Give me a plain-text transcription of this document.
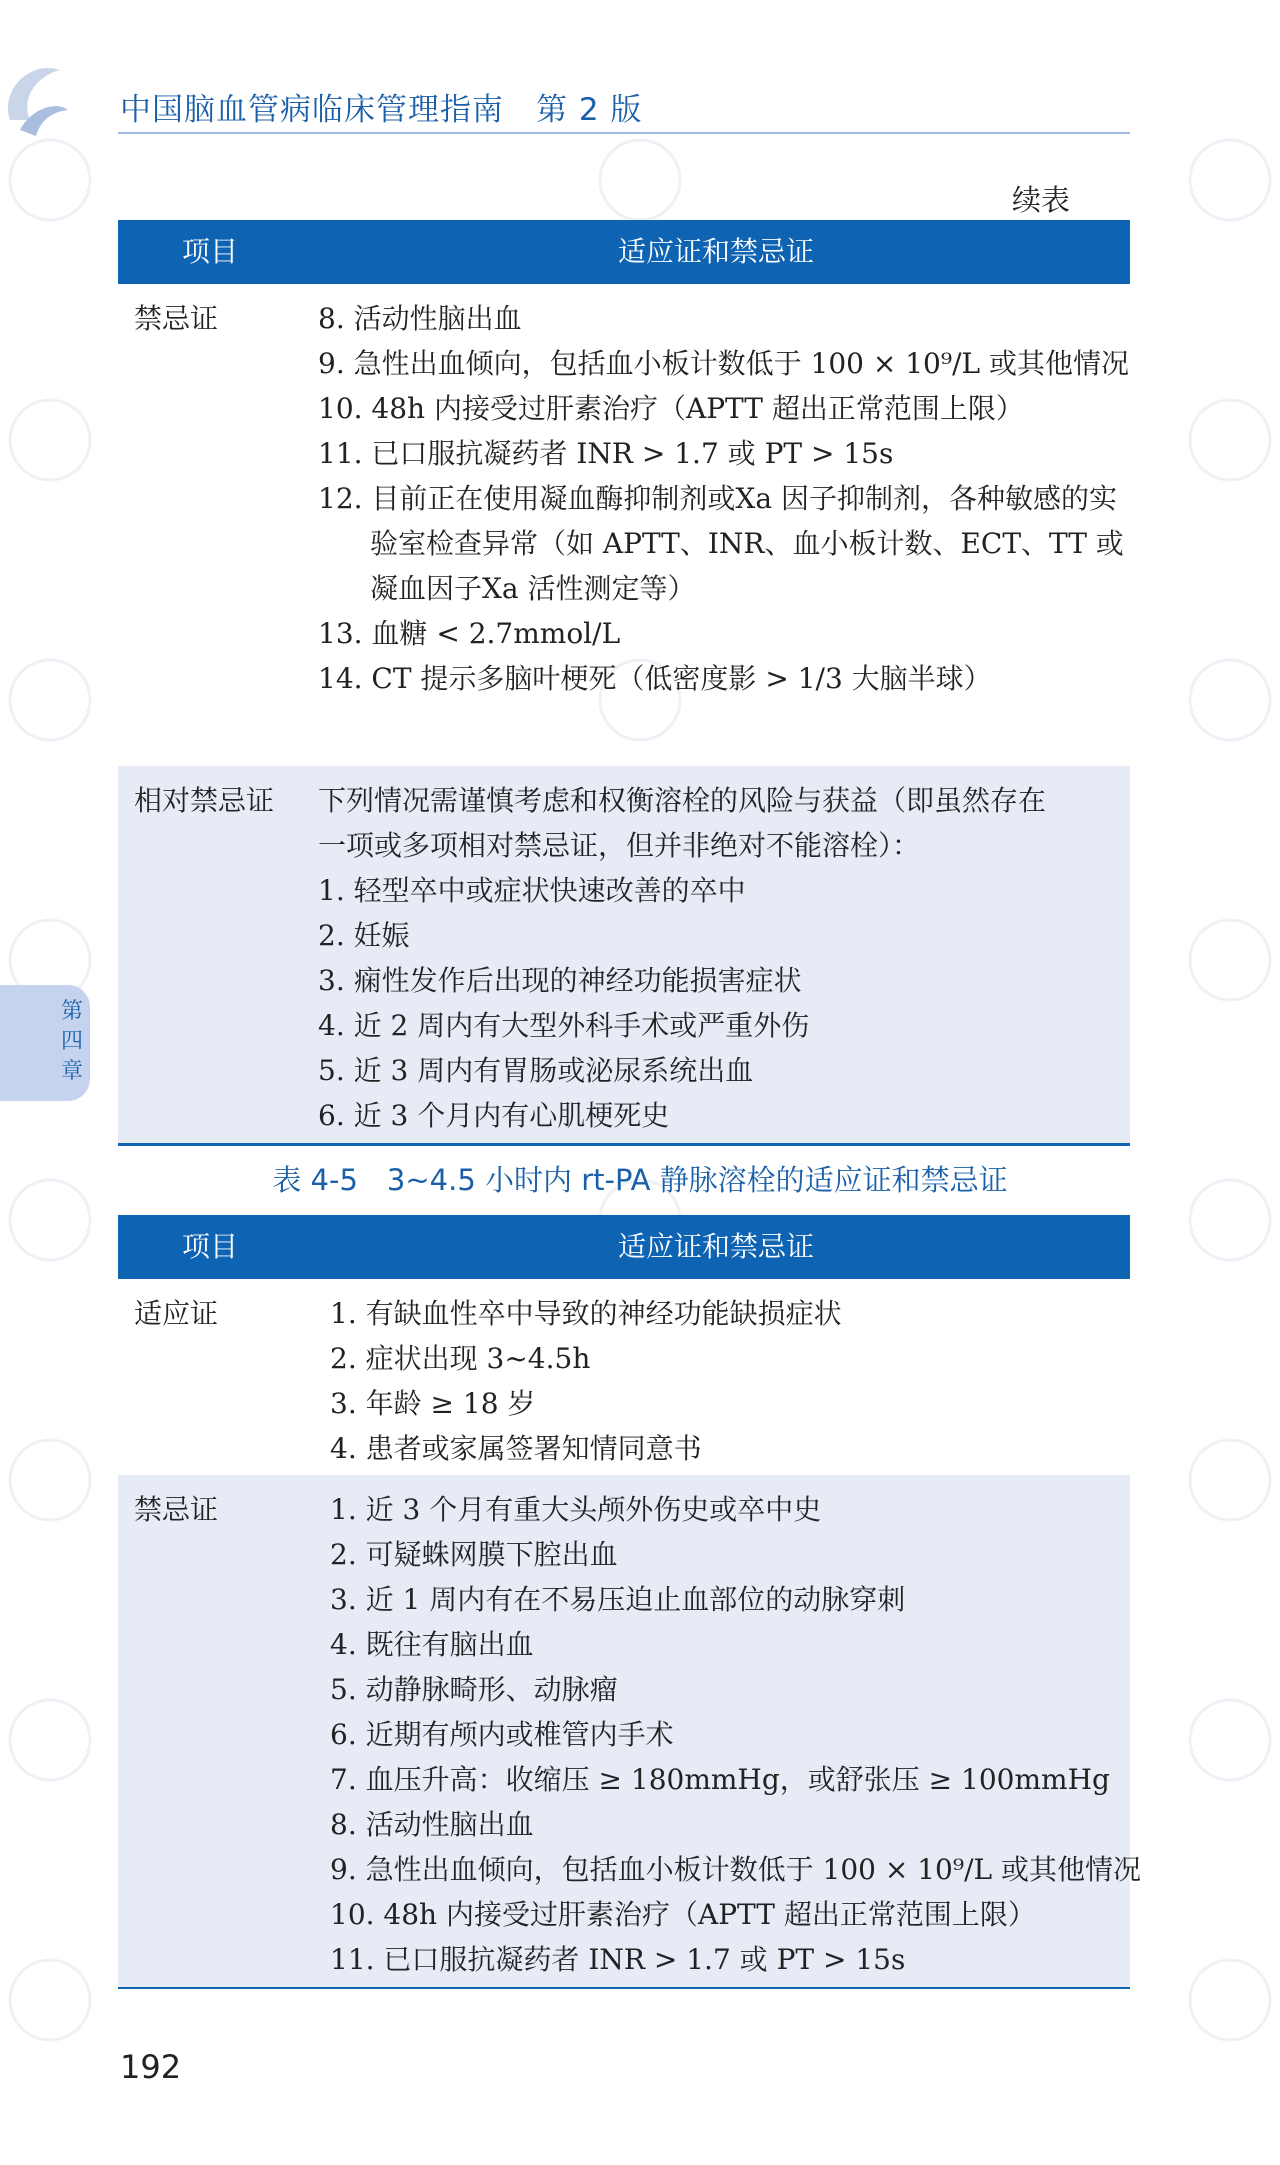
中国脑血管病临床管理指南　第 2 版
续表
项目	适应证和禁忌证
禁忌证	8. 活动性脑出血
9. 急性出血倾向，包括血小板计数低于 100 × 10⁹/L 或其他情况
10. 48h 内接受过肝素治疗（APTT 超出正常范围上限）
11. 已口服抗凝药者 INR > 1.7 或 PT > 15s
12. 目前正在使用凝血酶抑制剂或Ⅹa 因子抑制剂，各种敏感的实验室检查异常（如 APTT、INR、血小板计数、ECT、TT 或凝血因子Ⅹa 活性测定等）
13. 血糖 < 2.7mmol/L
14. CT 提示多脑叶梗死（低密度影 > 1/3 大脑半球）
相对禁忌证 下列情况需谨慎考虑和权衡溶栓的风险与获益（即虽然存在
一项或多项相对禁忌证，但并非绝对不能溶栓）：
1. 轻型卒中或症状快速改善的卒中
2. 妊娠
3. 痫性发作后出现的神经功能损害症状
4. 近 2 周内有大型外科手术或严重外伤
5. 近 3 周内有胃肠或泌尿系统出血
6. 近 3 个月内有心肌梗死史
第
四
章
表 4-5　3~4.5 小时内 rt-PA 静脉溶栓的适应证和禁忌证
项目	适应证和禁忌证
适应证	1. 有缺血性卒中导致的神经功能缺损症状
2. 症状出现 3~4.5h
3. 年龄 ≥ 18 岁
4. 患者或家属签署知情同意书
禁忌证	1. 近 3 个月有重大头颅外伤史或卒中史
2. 可疑蛛网膜下腔出血
3. 近 1 周内有在不易压迫止血部位的动脉穿刺
4. 既往有脑出血
5. 动静脉畸形、动脉瘤
6. 近期有颅内或椎管内手术
7. 血压升高：收缩压 ≥ 180mmHg，或舒张压 ≥ 100mmHg
8. 活动性脑出血
9. 急性出血倾向，包括血小板计数低于 100 × 10⁹/L 或其他情况
10. 48h 内接受过肝素治疗（APTT 超出正常范围上限）
11. 已口服抗凝药者 INR > 1.7 或 PT > 15s
192
